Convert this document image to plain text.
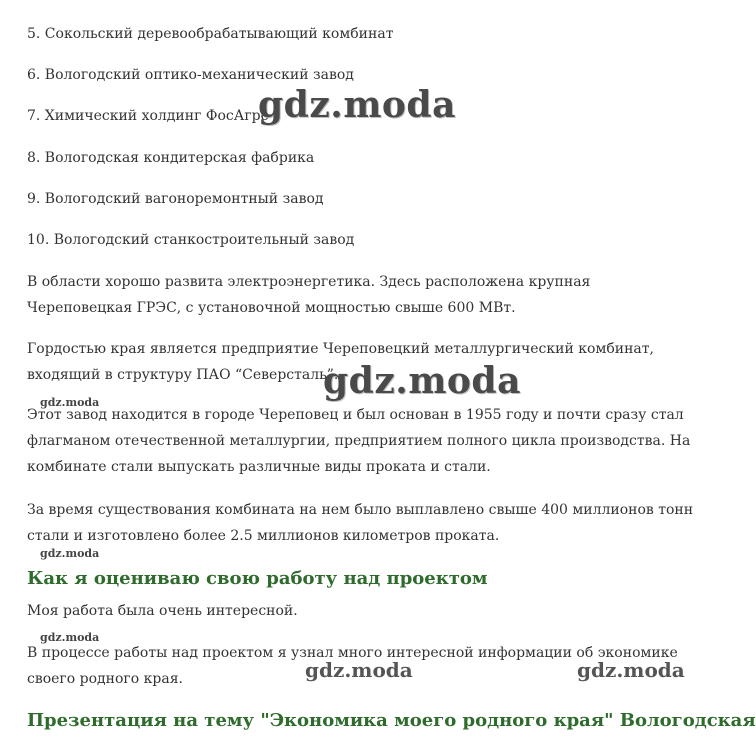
5. Сокольский деревообрабатывающий комбинат
6. Вологодский оптико-механический завод
7. Химический холдинг ФосАгро
8. Вологодская кондитерская фабрика
9. Вологодский вагоноремонтный завод
10. Вологодский станкостроительный завод
В области хорошо развита электроэнергетика. Здесь расположена крупная Череповецкая ГРЭС, с установочной мощностью свыше 600 МВт.
Гордостью края является предприятие Череповецкий металлургический комбинат, входящий в структуру ПАО “Северсталь”.
Этот завод находится в городе Череповец и был основан в 1955 году и почти сразу стал флагманом отечественной металлургии, предприятием полного цикла производства. На комбинате стали выпускать различные виды проката и стали.
За время существования комбината на нем было выплавлено свыше 400 миллионов тонн стали и изготовлено более 2.5 миллионов километров проката.
Как я оцениваю свою работу над проектом
Моя работа была очень интересной.
В процессе работы над проектом я узнал много интересной информации об экономике своего родного края.
Презентация на тему "Экономика моего родного края" Вологодская
gdz.moda
gdz.moda
gdz.moda
gdz.moda
gdz.moda
gdz.moda	gdz.moda
